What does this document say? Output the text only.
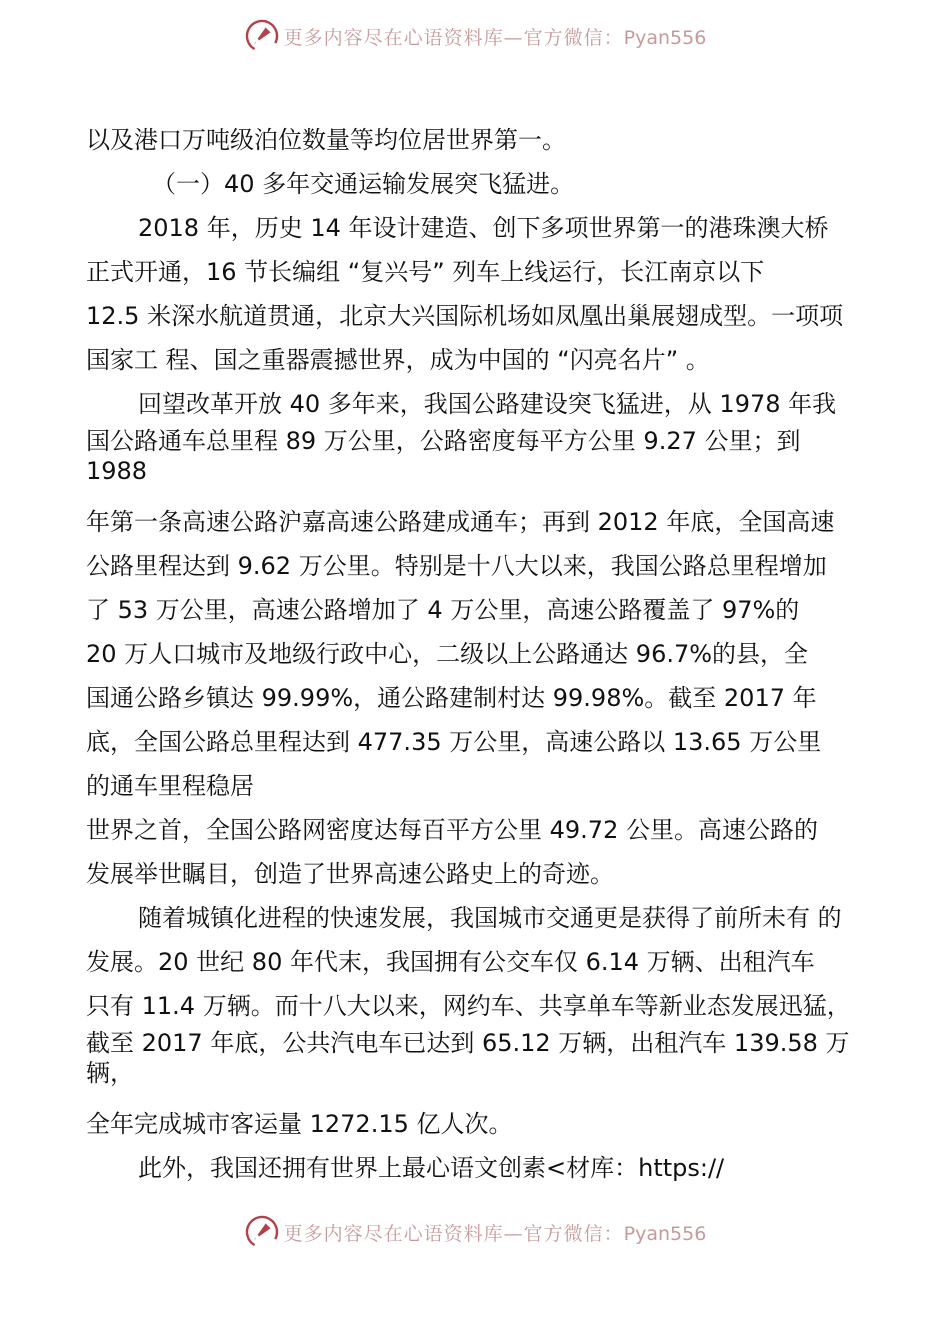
更多内容尽在心语资料库—官方微信：Pyan556

以及港口万吨级泊位数量等均位居世界第一。

（一）40 多年交通运输发展突飞猛进。

2018 年，历史 14 年设计建造、创下多项世界第一的港珠澳大桥

正式开通，16 节长编组 “复兴号” 列车上线运行，长江南京以下

12.5 米深水航道贯通，北京大兴国际机场如凤凰出巢展翅成型。一项项

国家工 程、国之重器震撼世界，成为中国的 “闪亮名片” 。

回望改革开放 40 多年来，我国公路建设突飞猛进，从 1978 年我

国公路通车总里程 89 万公里，公路密度每平方公里 9.27 公里；到

1988

年第一条高速公路沪嘉高速公路建成通车；再到 2012 年底，全国高速

公路里程达到 9.62 万公里。特别是十八大以来，我国公路总里程增加

了 53 万公里，高速公路增加了 4 万公里，高速公路覆盖了 97%的

20 万人口城市及地级行政中心，二级以上公路通达 96.7%的县，全

国通公路乡镇达 99.99%，通公路建制村达 99.98%。截至 2017 年

底，全国公路总里程达到 477.35 万公里，高速公路以 13.65 万公里

的通车里程稳居

世界之首，全国公路网密度达每百平方公里 49.72 公里。高速公路的

发展举世瞩目，创造了世界高速公路史上的奇迹。

随着城镇化进程的快速发展，我国城市交通更是获得了前所未有 的

发展。20 世纪 80 年代末，我国拥有公交车仅 6.14 万辆、出租汽车

只有 11.4 万辆。而十八大以来，网约车、共享单车等新业态发展迅猛，

截至 2017 年底，公共汽电车已达到 65.12 万辆，出租汽车 139.58 万

辆，

全年完成城市客运量 1272.15 亿人次。

此外，我国还拥有世界上最心语文创素<材库：https://

更多内容尽在心语资料库—官方微信：Pyan556
